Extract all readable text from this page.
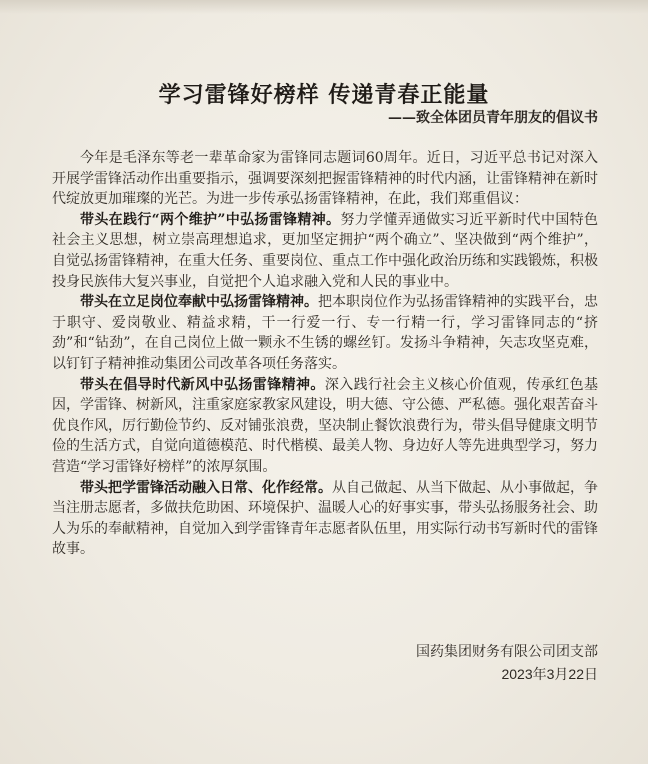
学习雷锋好榜样 传递青春正能量
——致全体团员青年朋友的倡议书

今年是毛泽东等老一辈革命家为雷锋同志题词60周年。近日，习近平总书记对深入开展学雷锋活动作出重要指示，强调要深刻把握雷锋精神的时代内涵，让雷锋精神在新时代绽放更加璀璨的光芒。为进一步传承弘扬雷锋精神，在此，我们郑重倡议：

带头在践行“两个维护”中弘扬雷锋精神。努力学懂弄通做实习近平新时代中国特色社会主义思想，树立崇高理想追求，更加坚定拥护“两个确立”、坚决做到“两个维护”，自觉弘扬雷锋精神，在重大任务、重要岗位、重点工作中强化政治历练和实践锻炼，积极投身民族伟大复兴事业，自觉把个人追求融入党和人民的事业中。

带头在立足岗位奉献中弘扬雷锋精神。把本职岗位作为弘扬雷锋精神的实践平台，忠于职守、爱岗敬业、精益求精，干一行爱一行、专一行精一行，学习雷锋同志的“挤劲”和“钻劲”，在自己岗位上做一颗永不生锈的螺丝钉。发扬斗争精神，矢志攻坚克难，以钉钉子精神推动集团公司改革各项任务落实。

带头在倡导时代新风中弘扬雷锋精神。深入践行社会主义核心价值观，传承红色基因，学雷锋、树新风，注重家庭家教家风建设，明大德、守公德、严私德。强化艰苦奋斗优良作风，厉行勤俭节约、反对铺张浪费，坚决制止餐饮浪费行为，带头倡导健康文明节俭的生活方式，自觉向道德模范、时代楷模、最美人物、身边好人等先进典型学习，努力营造“学习雷锋好榜样”的浓厚氛围。

带头把学雷锋活动融入日常、化作经常。从自己做起、从当下做起、从小事做起，争当注册志愿者，多做扶危助困、环境保护、温暖人心的好事实事，带头弘扬服务社会、助人为乐的奉献精神，自觉加入到学雷锋青年志愿者队伍里，用实际行动书写新时代的雷锋故事。

国药集团财务有限公司团支部
2023年3月22日
